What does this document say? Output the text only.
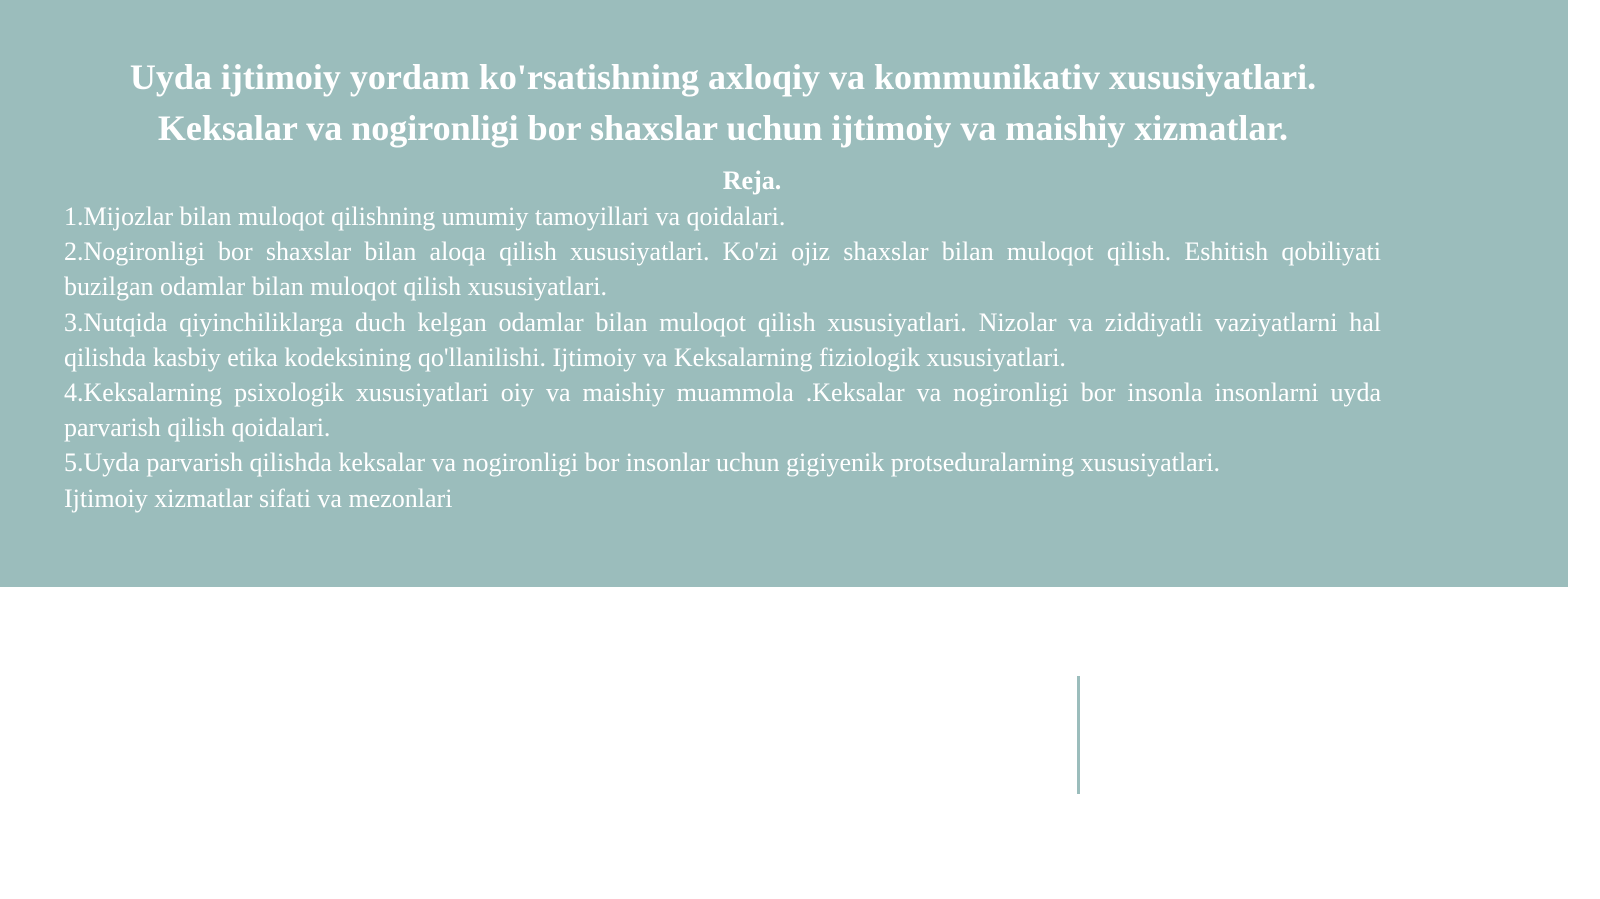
Uyda ijtimoiy yordam ko'rsatishning axloqiy va kommunikativ xususiyatlari.
Keksalar va nogironligi bor shaxslar uchun ijtimoiy va maishiy xizmatlar.
Reja.
1.Mijozlar bilan muloqot qilishning umumiy tamoyillari va qoidalari.
2.Nogironligi bor shaxslar bilan aloqa qilish xususiyatlari. Ko'zi ojiz shaxslar bilan muloqot qilish. Eshitish qobiliyati buzilgan odamlar bilan muloqot qilish xususiyatlari.
3.Nutqida qiyinchiliklarga duch kelgan odamlar bilan muloqot qilish xususiyatlari. Nizolar va ziddiyatli vaziyatlarni hal qilishda kasbiy etika kodeksining qo'llanilishi. Ijtimoiy va Keksalarning fiziologik xususiyatlari.
4.Keksalarning psixologik xususiyatlari oiy va maishiy muammola .Keksalar va nogironligi bor insonla insonlarni uyda parvarish qilish qoidalari.
5.Uyda parvarish qilishda keksalar va nogironligi bor insonlar uchun gigiyenik protseduralarning xususiyatlari.
Ijtimoiy xizmatlar sifati va mezonlari
